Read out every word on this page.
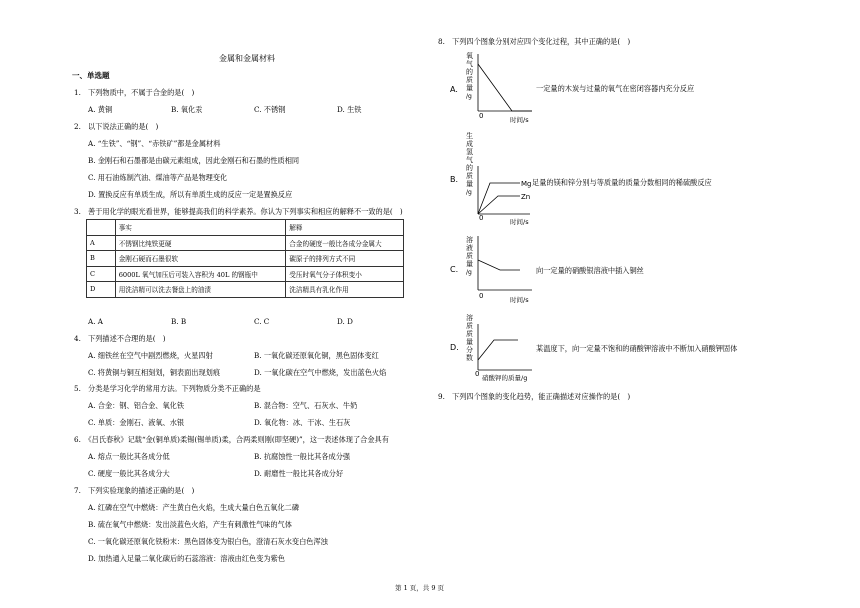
金属和金属材料
一、单选题
1.　下列物质中，不属于合金的是(　)
A. 黄铜	B. 氧化汞	C. 不锈钢	D. 生铁
2.　以下说法正确的是(　)
A. “生铁”、“钢”、“赤铁矿”都是金属材料
B. 金刚石和石墨都是由碳元素组成，因此金刚石和石墨的性质相同
C. 用石油炼制汽油、煤油等产品是物理变化
D. 置换反应有单质生成，所以有单质生成的反应一定是置换反应
3.　善于用化学的眼光看世界，能够提高我们的科学素养。你认为下列事实和相应的解释不一致的是(　)
	事实	解释
A	不锈钢比纯铁更硬	合金的硬度一般比各成分金属大
B	金刚石硬而石墨很软	碳原子的排列方式不同
C	6000L 氧气加压后可装入容积为 40L 的钢瓶中	受压时氧气分子体积变小
D	用洗洁精可以洗去餐盘上的油渍	洗洁精具有乳化作用
A. A	B. B	C. C	D. D
4.　下列描述不合理的是(　)
A. 细铁丝在空气中剧烈燃烧，火星四射	B. 一氧化碳还原氧化铜，黑色固体变红
C. 将黄铜与铜互相刻划，铜表面出现划痕	D. 一氧化碳在空气中燃烧，发出蓝色火焰
5.　分类是学习化学的常用方法。下列物质分类不正确的是
A. 合金：钢、铝合金、氧化铁	B. 混合物：空气、石灰水、牛奶
C. 单质：金刚石、液氧、水银	D. 氧化物：冰、干冰、生石灰
6.　《吕氏春秋》记载“金(铜单质)柔锡(锡单质)柔，合两柔则刚(即坚硬)”，这一表述体现了合金具有
A. 熔点一般比其各成分低	B. 抗腐蚀性一般比其各成分强
C. 硬度一般比其各成分大	D. 耐磨性一般比其各成分好
7.　下列实验现象的描述正确的是(　)
A. 红磷在空气中燃烧：产生黄白色火焰，生成大量白色五氧化二磷
B. 硫在氧气中燃烧：发出淡蓝色火焰，产生有刺激性气味的气体
C. 一氧化碳还原氧化铁粉末：黑色固体变为银白色，澄清石灰水变白色浑浊
D. 加热通入足量二氧化碳后的石蕊溶液：溶液由红色变为紫色
8.　下列四个图象分别对应四个变化过程，其中正确的是(　)
氧
气
的
质
量
/g
A.
0	时间/s
一定量的木炭与过量的氧气在密闭容器内充分反应
生
成
氢
气
的
质
量
/g
B.
0	时间/s
Mg
Zn
足量的镁和锌分别与等质量的质量分数相同的稀硫酸反应
溶
液
质
量
/g
C.
0	时间/s
向一定量的硝酸银溶液中插入铜丝
溶
质
质
量
分
数
D.
0 硝酸钾的质量/g
某温度下，向一定量不饱和的硝酸钾溶液中不断加入硝酸钾固体
9.　下列四个图象的变化趋势，能正确描述对应操作的是(　)
第 1 页，共 9 页
